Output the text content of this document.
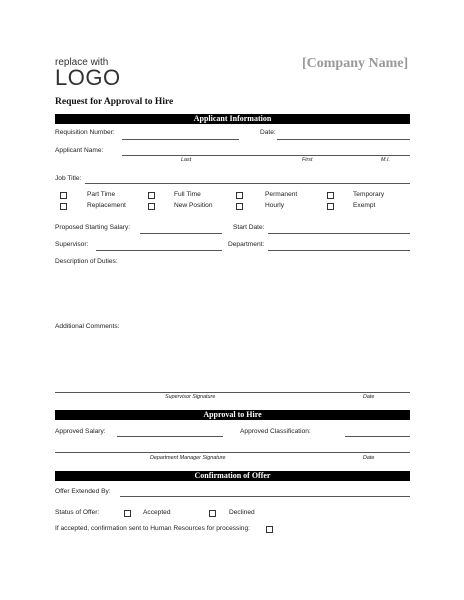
replace with
LOGO
[Company Name]
Request for Approval to Hire
Applicant Information
Requisition Number:	Date:
Applicant Name:
Last	First	M.I.
Job Title:
Part Time	Full Time	Permanent	Temporary
Replacement	New Position	Hourly	Exempt
Proposed Starting Salary:	Start Date:
Supervisor:	Department:
Description of Duties:
Additional Comments:
Supervisor Signature	Date
Approval to Hire
Approved Salary:	Approved Classification:
Department Manager Signature	Date
Confirmation of Offer
Offer Extended By:
Status of Offer:	Accepted	Declined
If accepted, confirmation sent to Human Resources for processing:
